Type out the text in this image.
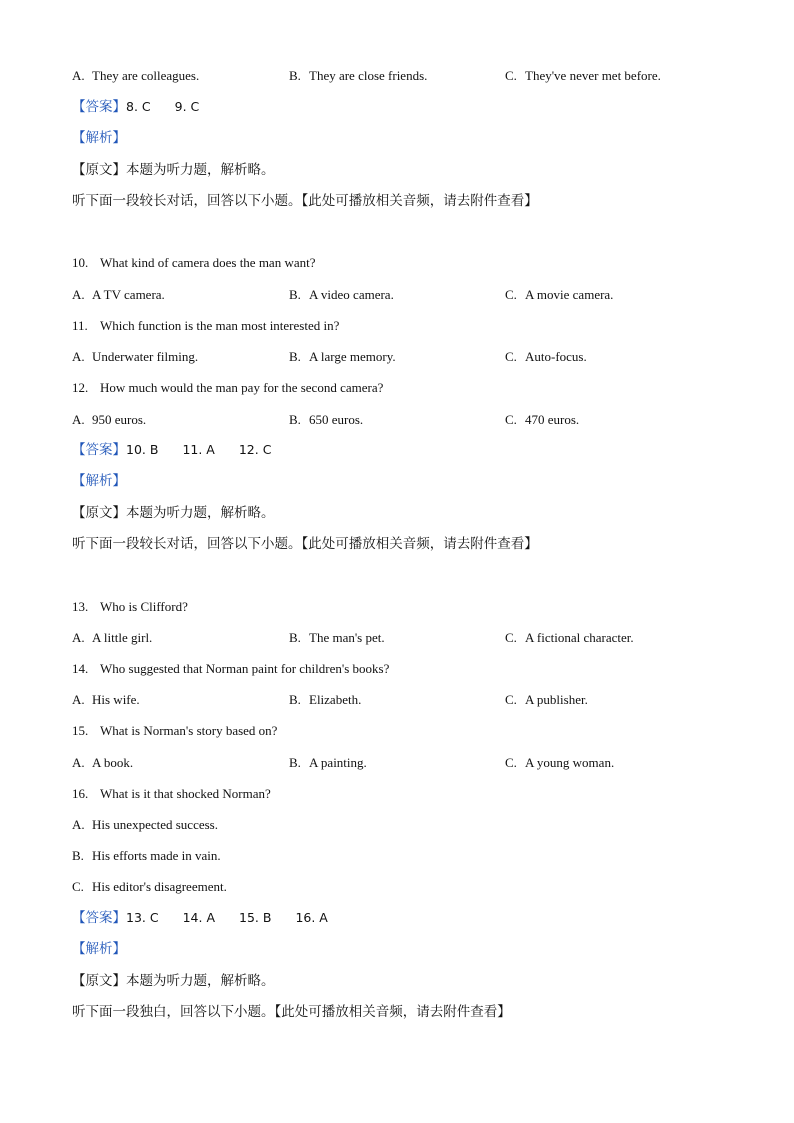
A. They are colleagues.	B. They are close friends.	C. They've never met before.
【答案】8. C 9. C
【解析】
【原文】本题为听力题，解析略。
听下面一段较长对话，回答以下小题。【此处可播放相关音频，请去附件查看】
10. What kind of camera does the man want?
A. A TV camera.	B. A video camera.	C. A movie camera.
11. Which function is the man most interested in?
A. Underwater filming.	B. A large memory.	C. Auto-focus.
12. How much would the man pay for the second camera?
A. 950 euros.	B. 650 euros.	C. 470 euros.
【答案】10. B 11. A 12. C
【解析】
【原文】本题为听力题，解析略。
听下面一段较长对话，回答以下小题。【此处可播放相关音频，请去附件查看】
13. Who is Clifford?
A. A little girl.	B. The man's pet.	C. A fictional character.
14. Who suggested that Norman paint for children's books?
A. His wife.	B. Elizabeth.	C. A publisher.
15. What is Norman's story based on?
A. A book.	B. A painting.	C. A young woman.
16. What is it that shocked Norman?
A. His unexpected success.
B. His efforts made in vain.
C. His editor's disagreement.
【答案】13. C 14. A 15. B 16. A
【解析】
【原文】本题为听力题，解析略。
听下面一段独白，回答以下小题。【此处可播放相关音频，请去附件查看】
